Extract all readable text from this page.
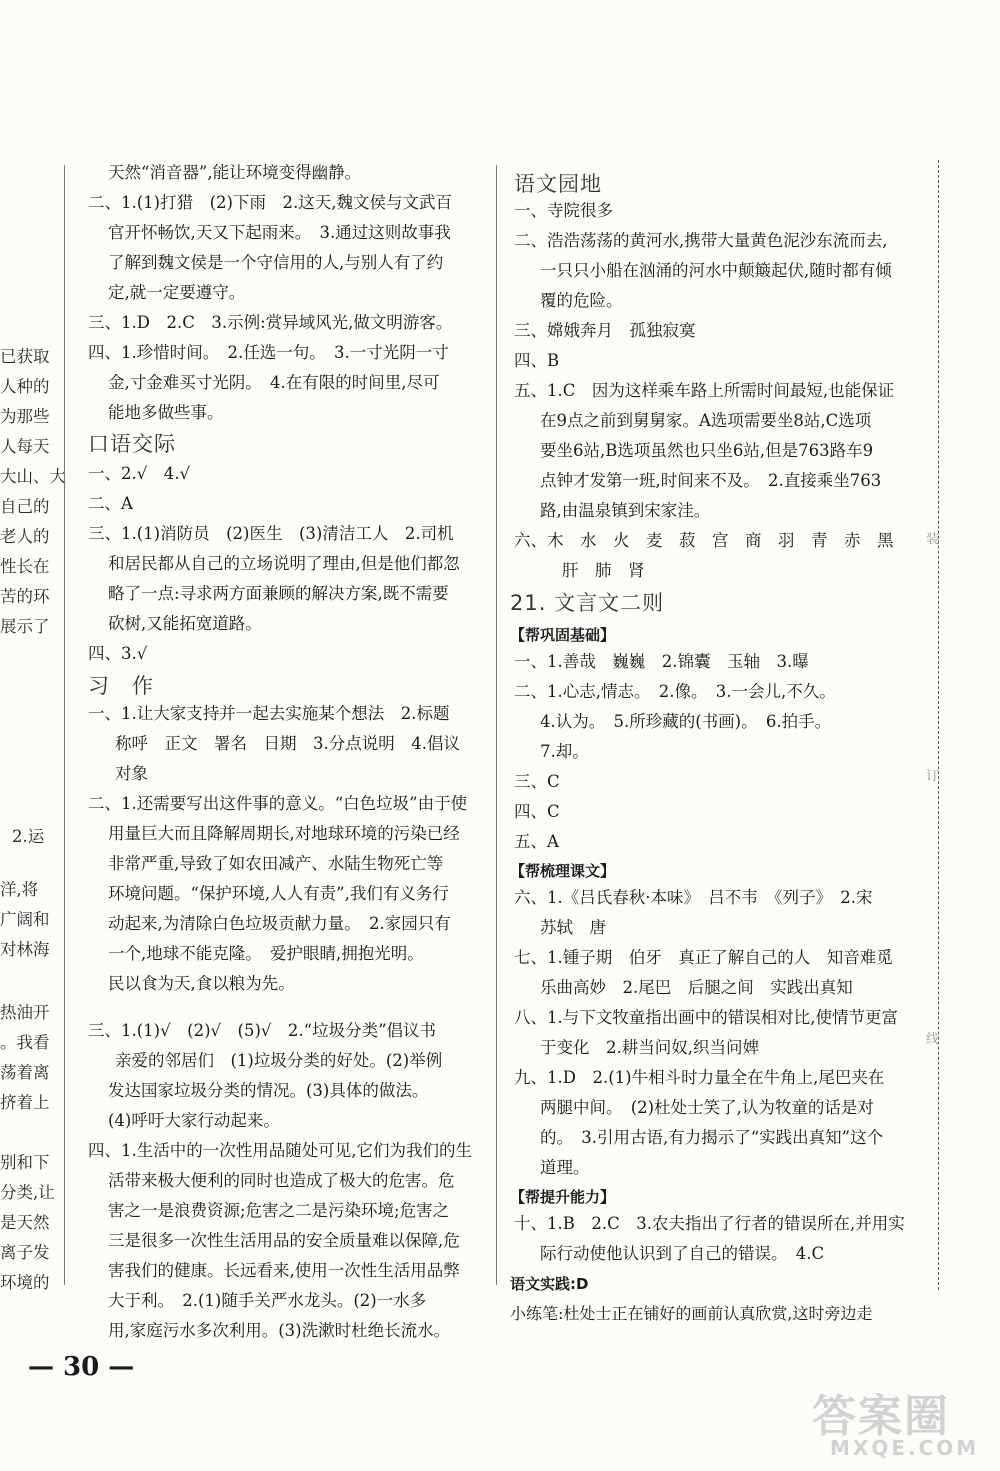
已获取
人种的
为那些
人每天
大山、大
自己的
老人的
性长在
苦的环
展示了
2.运
洋,将
广阔和
对林海
热油开
。我看
荡着离
挤着上
别和下
分类,让
是天然
离子发
环境的
天然“消音器”,能让环境变得幽静。
二、1.(1)打猎　(2)下雨　2.这天,魏文侯与文武百
官开怀畅饮,天又下起雨来。　3.通过这则故事我
了解到魏文侯是一个守信用的人,与别人有了约
定,就一定要遵守。
三、1.D　2.C　3.示例:赏异域风光,做文明游客。
四、1.珍惜时间。　2.任选一句。　3.一寸光阴一寸
金,寸金难买寸光阴。　4.在有限的时间里,尽可
能地多做些事。
口语交际
一、2.√　4.√
二、A
三、1.(1)消防员　(2)医生　(3)清洁工人　2.司机
和居民都从自己的立场说明了理由,但是他们都忽
略了一点:寻求两方面兼顾的解决方案,既不需要
砍树,又能拓宽道路。
四、3.√
习　作
一、1.让大家支持并一起去实施某个想法　2.标题
称呼　正文　署名　日期　3.分点说明　4.倡议
对象
二、1.还需要写出这件事的意义。“白色垃圾”由于使
用量巨大而且降解周期长,对地球环境的污染已经
非常严重,导致了如农田减产、水陆生物死亡等
环境问题。“保护环境,人人有责”,我们有义务行
动起来,为清除白色垃圾贡献力量。　2.家园只有
一个,地球不能克隆。　爱护眼睛,拥抱光明。
民以食为天,食以粮为先。
三、1.(1)√　(2)√　(5)√　2.“垃圾分类”倡议书
亲爱的邻居们　(1)垃圾分类的好处。(2)举例
发达国家垃圾分类的情况。(3)具体的做法。
(4)呼吁大家行动起来。
四、1.生活中的一次性用品随处可见,它们为我们的生
活带来极大便利的同时也造成了极大的危害。危
害之一是浪费资源;危害之二是污染环境;危害之
三是很多一次性生活用品的安全质量难以保障,危
害我们的健康。长远看来,使用一次性生活用品弊
大于利。　2.(1)随手关严水龙头。(2)一水多
用,家庭污水多次利用。(3)洗漱时杜绝长流水。
语文园地
一、寺院很多
二、浩浩荡荡的黄河水,携带大量黄色泥沙东流而去,
一只只小船在汹涌的河水中颠簸起伏,随时都有倾
覆的危险。
三、嫦娥奔月　孤独寂寞
四、B
五、1.C　因为这样乘车路上所需时间最短,也能保证
在9点之前到舅舅家。A选项需要坐8站,C选项
要坐6站,B选项虽然也只坐6站,但是763路车9
点钟才发第一班,时间来不及。　2.直接乘坐763
路,由温泉镇到宋家洼。
六、木　水　火　麦　菽　宫　商　羽　青　赤　黑
肝　肺　肾
21. 文言文二则
【帮巩固基础】
一、1.善哉　巍巍　2.锦囊　玉轴　3.曝
二、1.心志,情志。　2.像。　3.一会儿,不久。
4.认为。　5.所珍藏的(书画)。　6.拍手。
7.却。
三、C
四、C
五、A
【帮梳理课文】
六、1.《吕氏春秋·本味》　吕不韦　《列子》　2.宋
苏轼　唐
七、1.锺子期　伯牙　真正了解自己的人　知音难觅
乐曲高妙　2.尾巴　后腿之间　实践出真知
八、1.与下文牧童指出画中的错误相对比,使情节更富
于变化　2.耕当问奴,织当问婢
九、1.D　2.(1)牛相斗时力量全在牛角上,尾巴夹在
两腿中间。　(2)杜处士笑了,认为牧童的话是对
的。　3.引用古语,有力揭示了“实践出真知”这个
道理。
【帮提升能力】
十、1.B　2.C　3.农夫指出了行者的错误所在,并用实
际行动使他认识到了自己的错误。　4.C
语文实践:D
小练笔:杜处士正在铺好的画前认真欣赏,这时旁边走
装
订
线
— 30 —
答案圈
MXQE.COM
